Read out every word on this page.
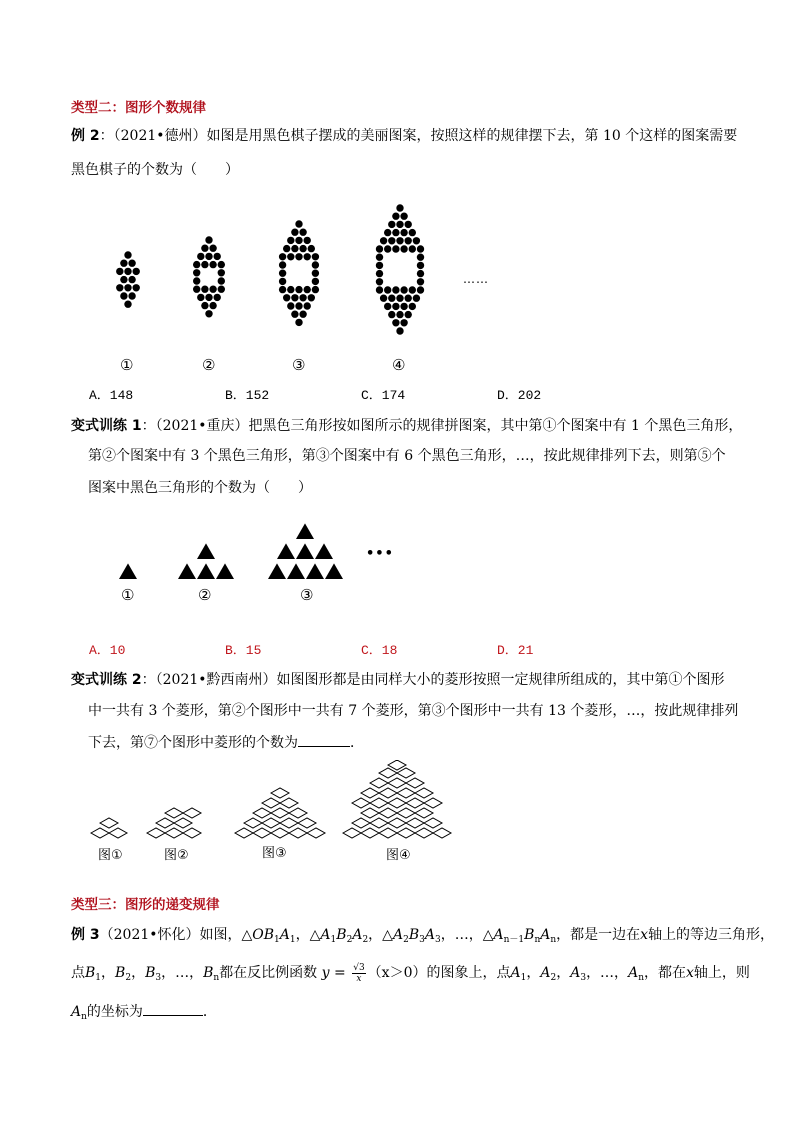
类型二：图形个数规律
例 2：（2021•德州）如图是用黑色棋子摆成的美丽图案，按照这样的规律摆下去，第 10 个这样的图案需要
黑色棋子的个数为（　　）
……
①	②	③	④
A．148	B．152	C．174	D．202
变式训练 1：（2021•重庆）把黑色三角形按如图所示的规律拼图案，其中第①个图案中有 1 个黑色三角形，
第②个图案中有 3 个黑色三角形，第③个图案中有 6 个黑色三角形，…，按此规律排列下去，则第⑤个
图案中黑色三角形的个数为（　　）
•••
①	②	③
A．10	B．15	C．18	D．21
变式训练 2：（2021•黔西南州）如图图形都是由同样大小的菱形按照一定规律所组成的，其中第①个图形
中一共有 3 个菱形，第②个图形中一共有 7 个菱形，第③个图形中一共有 13 个菱形，…，按此规律排列
下去，第⑦个图形中菱形的个数为	．
图①	图②	图③	图④
类型三：图形的递变规律
例 3（2021•怀化）如图，$\triangle OB_1A_1$，$\triangle A_1B_2A_2$，$\triangle A_2B_3A_3$，…，$\triangle A_{n-1}B_nA_n$，都是一边在x轴上的等边三角形，
点$B_1$，$B_2$，$B_3$，…，$B_n$都在反比例函数 $y = \frac{√3}{x} (x>0)$的图象上，点$A_1$，$A_2$，$A_3$，…，$A_n$，都在x轴上，则
$A_n$的坐标为	．
